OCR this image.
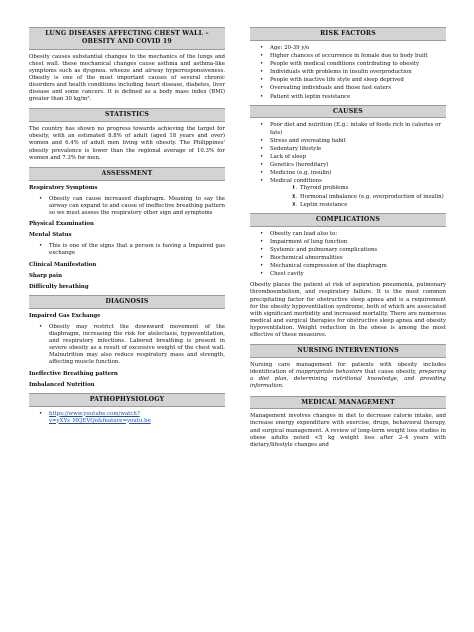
LUNG DISEASES AFFECTING CHEST WALL – OBESITY AND COVID 19

Obesity causes substantial changes to the mechanics of the lungs and chest wall. these mechanical changes cause asthma and asthma-like symptoms such as dyspnea. wheeze and airway hyperresponsiveness. Obesity is one of the most important causes of several chronic disorders and health conditions including heart disease, diabetes, liver disease and some cancers. It is defined as a body mass index (BMI) greater than 30 kg/m².

STATISTICS

The country has shown no progress towards achieving the target for obesity, with an estimated 8.8% of adult (aged 18 years and over) women and 6.4% of adult men living with obesity. The Philippines' obesity prevalence is lower than the regional average of 10.3% for women and 7.3% for men.

ASSESSMENT
Respiratory Symptoms
• Obesity can cause increased diaphragm. Meaning to say the airway can expand to and cause of ineffective breathing pattern so we must assess the respiratory other sign and symptoms
Physical Examination
Mental Status
• This is one of the signs that a person is having a Impaired gas exchange
Clinical Manifestation
Sharp pain
Difficulty breathing
DIAGNOSIS
Impaired Gas Exchange
• Obesity may restrict the downward movement of the diaphragm, increasing the risk for atelectasis, hypoventilation, and respiratory infections. Labored breathing is present in severe obesity as a result of excessive weight of the chest wall. Malnutrition may also reduce respiratory mass and strength, affecting muscle function.
Ineffective Breathing pattern
Imbalanced Nutrition
PATHOPHYSIOLOGY
• https://www.youtube.com/watch?v=yXYs_MQEVQo&feature=youtu.be
RISK FACTORS
• Age: 20-39 y/o
• Higher chances of occurrence in female due to body built
• People with medical conditions contributing to obesity
• Individuals with problems in insulin overproduction
• People with inactive life style and sleep deprived
• Overeating individuals and those fast eaters
• Patient with leptin resistance
CAUSES
• Poor diet and nutrition (E.g.: intake of foods rich in calories or fats)
• Stress and overeating habit
• Sedentary lifestyle
• Lack of sleep
• Genetics (hereditary)
• Medicine (e.g. insulin)
• Medical conditions
• 1. Thyroid problems
• 2. Hormonal imbalance (e.g. overproduction of insulin)
• 3. Leptin resistance
COMPLICATIONS
• Obesity can lead also to:
• Impairment of lung function
• Systemic and pulmonary complications
• Biochemical abnormalities
• Mechanical compression of the diaphragm
• Chest cavity

Obesity places the patient at risk of aspiration pneumonia, pulmonary thromboembolism, and respiratory failure. It is the most common precipitating factor for obstructive sleep apnea and is a requirement for the obesity hypoventilation syndrome, both of which are associated with significant morbidity and increased mortality. There are numerous medical and surgical therapies for obstructive sleep apnea and obesity hypoventilation. Weight reduction in the obese is among the most effective of these measures.

NURSING INTERVENTIONS

Nursing care management for patients with obesity includes identification of inappropriate behaviors that cause obesity, preparing a diet plan, determining nutritional knowledge, and providing information.

MEDICAL MANAGEMENT

Management involves changes in diet to decrease calorie intake, and increase energy expenditure with exercise, drugs, behavioral therapy, and surgical management. A review of long-term weight loss studies in obese adults noted <5 kg weight loss after 2–4 years with dietary/lifestyle changes and
